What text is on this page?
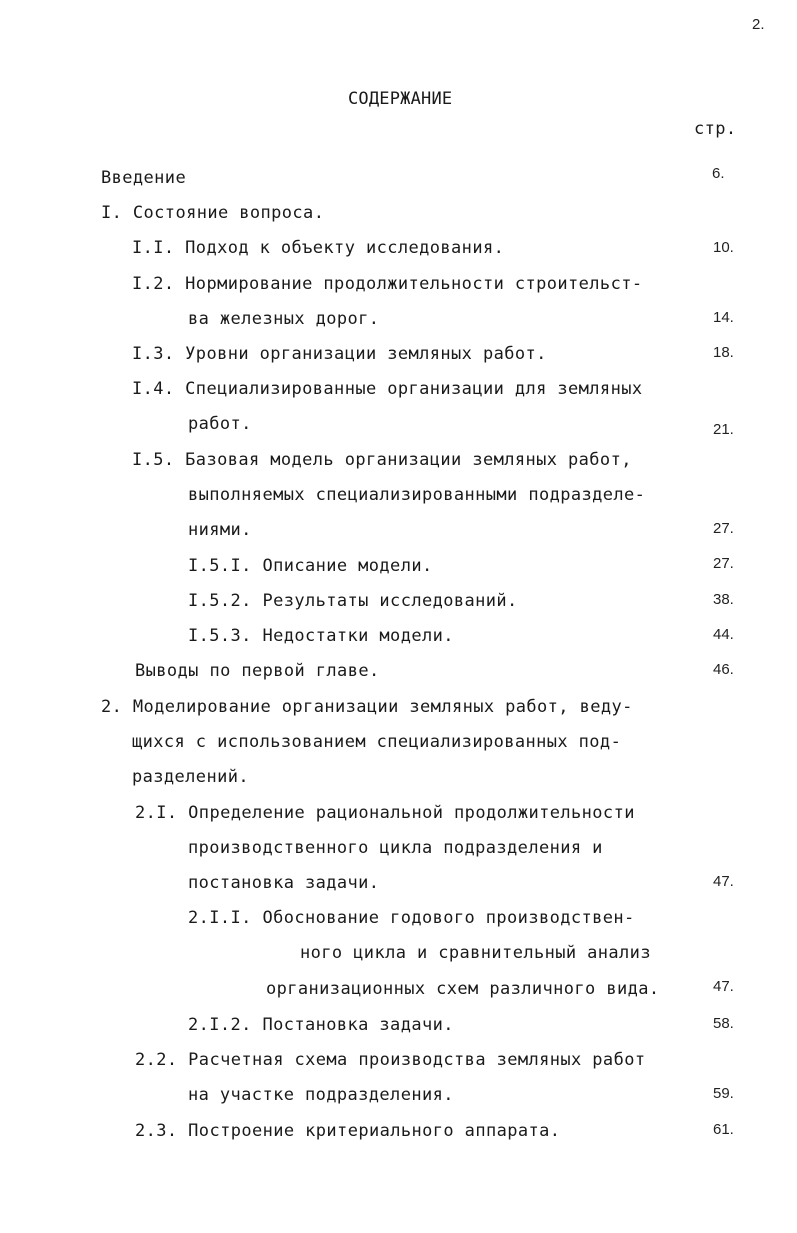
2.
СОДЕРЖАНИЕ
стр.
Введение	6.
I. Состояние вопроса.
I.I. Подход к объекту исследования.	10.
I.2. Нормирование продолжительности строительст-
ва железных дорог.	14.
I.3. Уровни организации земляных работ.	18.
I.4. Специализированные организации для земляных
работ.	21.
I.5. Базовая модель организации земляных работ,
выполняемых специализированными подразделе-
ниями.	27.
I.5.I. Описание модели.	27.
I.5.2. Результаты исследований.	38.
I.5.3. Недостатки модели.	44.
Выводы по первой главе.	46.
2. Моделирование организации земляных работ, веду-
щихся с использованием специализированных под-
разделений.
2.I. Определение рациональной продолжительности
производственного цикла подразделения и
постановка задачи.	47.
2.I.I. Обоснование годового производствен-
ного цикла и сравнительный анализ
организационных схем различного вида.	47.
2.I.2. Постановка задачи.	58.
2.2. Расчетная схема производства земляных работ
на участке подразделения.	59.
2.3. Построение критериального аппарата.	61.
